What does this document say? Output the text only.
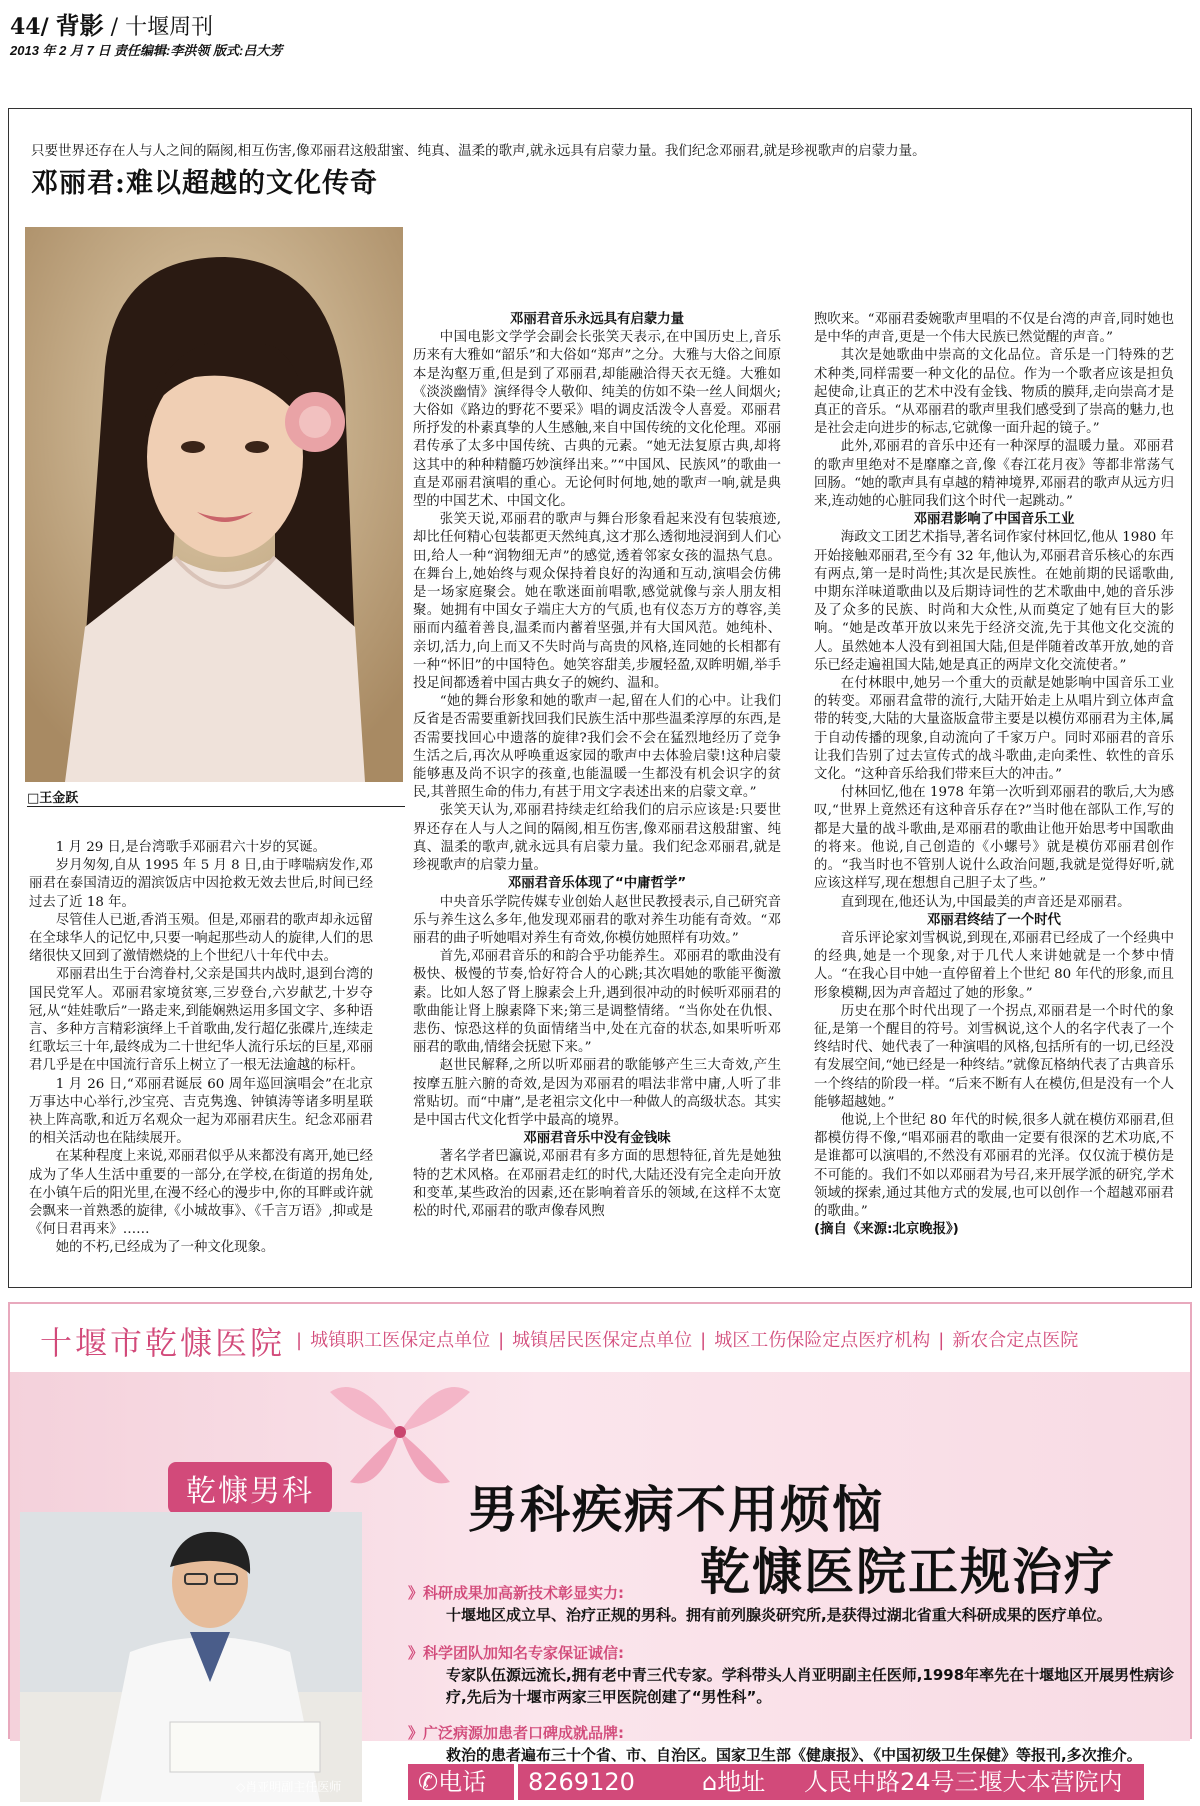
44/ 背影 / 十堰周刊
2013 年 2 月 7 日 责任编辑:李洪领 版式:吕大芳
只要世界还存在人与人之间的隔阂,相互伤害,像邓丽君这般甜蜜、纯真、温柔的歌声,就永远具有启蒙力量。我们纪念邓丽君,就是珍视歌声的启蒙力量。
邓丽君:难以超越的文化传奇
□王金跃

1 月 29 日,是台湾歌手邓丽君六十岁的冥诞。

岁月匆匆,自从 1995 年 5 月 8 日,由于哮喘病发作,邓丽君在泰国清迈的湄滨饭店中因抢救无效去世后,时间已经过去了近 18 年。

尽管佳人已逝,香消玉殒。但是,邓丽君的歌声却永远留在全球华人的记忆中,只要一响起那些动人的旋律,人们的思绪很快又回到了激情燃烧的上个世纪八十年代中去。

邓丽君出生于台湾眷村,父亲是国共内战时,退到台湾的国民党军人。邓丽君家境贫寒,三岁登台,六岁献艺,十岁夺冠,从“娃娃歌后”一路走来,到能娴熟运用多国文字、多种语言、多种方言精彩演绎上千首歌曲,发行超亿张碟片,连续走红歌坛三十年,最终成为二十世纪华人流行乐坛的巨星,邓丽君几乎是在中国流行音乐上树立了一根无法逾越的标杆。

1 月 26 日,“邓丽君诞辰 60 周年巡回演唱会”在北京万事达中心举行,沙宝亮、吉克隽逸、钟镇涛等诸多明星联袂上阵高歌,和近万名观众一起为邓丽君庆生。纪念邓丽君的相关活动也在陆续展开。

在某种程度上来说,邓丽君似乎从来都没有离开,她已经成为了华人生活中重要的一部分,在学校,在街道的拐角处,在小镇午后的阳光里,在漫不经心的漫步中,你的耳畔或许就会飘来一首熟悉的旋律,《小城故事》、《千言万语》,抑或是《何日君再来》……

她的不朽,已经成为了一种文化现象。

邓丽君音乐永远具有启蒙力量

中国电影文学学会副会长张笑天表示,在中国历史上,音乐历来有大雅如“韶乐”和大俗如“郑声”之分。大雅与大俗之间原本是沟壑万重,但是到了邓丽君,却能融洽得天衣无缝。大雅如《淡淡幽情》演绎得令人敬仰、纯美的仿如不染一丝人间烟火;大俗如《路边的野花不要采》唱的调皮活泼令人喜爱。邓丽君所抒发的朴素真挚的人生感触,来自中国传统的文化伦理。邓丽君传承了太多中国传统、古典的元素。“她无法复原古典,却将这其中的种种精髓巧妙演绎出来。”“中国风、民族风”的歌曲一直是邓丽君演唱的重心。无论何时何地,她的歌声一响,就是典型的中国艺术、中国文化。

张笑天说,邓丽君的歌声与舞台形象看起来没有包装痕迹,却比任何精心包装都更天然纯真,这才那么透彻地浸润到人们心田,给人一种“润物细无声”的感觉,透着邻家女孩的温热气息。在舞台上,她始终与观众保持着良好的沟通和互动,演唱会仿佛是一场家庭聚会。她在歌迷面前唱歌,感觉就像与亲人朋友相聚。她拥有中国女子端庄大方的气质,也有仪态万方的尊容,美丽而内蕴着善良,温柔而内蓄着坚强,并有大国风范。她纯朴、亲切,活力,向上而又不失时尚与高贵的风格,连同她的长相都有一种“怀旧”的中国特色。她笑容甜美,步履轻盈,双眸明媚,举手投足间都透着中国古典女子的婉约、温和。

“她的舞台形象和她的歌声一起,留在人们的心中。让我们反省是否需要重新找回我们民族生活中那些温柔淳厚的东西,是否需要找回心中遗落的旋律?我们会不会在猛烈地经历了竞争生活之后,再次从呼唤重返家园的歌声中去体验启蒙!这种启蒙能够惠及尚不识字的孩童,也能温暖一生都没有机会识字的贫民,其普照生命的伟力,有甚于用文字表述出来的启蒙文章。”

张笑天认为,邓丽君持续走红给我们的启示应该是:只要世界还存在人与人之间的隔阂,相互伤害,像邓丽君这般甜蜜、纯真、温柔的歌声,就永远具有启蒙力量。我们纪念邓丽君,就是珍视歌声的启蒙力量。

邓丽君音乐体现了“中庸哲学”

中央音乐学院传媒专业创始人赵世民教授表示,自己研究音乐与养生这么多年,他发现邓丽君的歌对养生功能有奇效。“邓丽君的曲子听她唱对养生有奇效,你模仿她照样有功效。”

首先,邓丽君音乐的和韵合乎功能养生。邓丽君的歌曲没有极快、极慢的节奏,恰好符合人的心跳;其次唱她的歌能平衡激素。比如人怒了肾上腺素会上升,遇到很冲动的时候听邓丽君的歌曲能让肾上腺素降下来;第三是调整情绪。“当你处在仇恨、悲伤、惊恐这样的负面情绪当中,处在亢奋的状态,如果听听邓丽君的歌曲,情绪会抚慰下来。”

赵世民解释,之所以听邓丽君的歌能够产生三大奇效,产生按摩五脏六腑的奇效,是因为邓丽君的唱法非常中庸,人听了非常贴切。而“中庸”,是老祖宗文化中一种做人的高级状态。其实是中国古代文化哲学中最高的境界。

邓丽君音乐中没有金钱味

著名学者巴瀛说,邓丽君有多方面的思想特征,首先是她独特的艺术风格。在邓丽君走红的时代,大陆还没有完全走向开放和变革,某些政治的因素,还在影响着音乐的领域,在这样不太宽松的时代,邓丽君的歌声像春风煦

煦吹来。“邓丽君委婉歌声里唱的不仅是台湾的声音,同时她也是中华的声音,更是一个伟大民族已然觉醒的声音。”

其次是她歌曲中崇高的文化品位。音乐是一门特殊的艺术种类,同样需要一种文化的品位。作为一个歌者应该是担负起使命,让真正的艺术中没有金钱、物质的膜拜,走向崇高才是真正的音乐。“从邓丽君的歌声里我们感受到了崇高的魅力,也是社会走向进步的标志,它就像一面升起的镜子。”

此外,邓丽君的音乐中还有一种深厚的温暖力量。邓丽君的歌声里绝对不是靡靡之音,像《春江花月夜》等都非常荡气回肠。“她的歌声具有卓越的精神境界,邓丽君的歌声从远方归来,连动她的心脏同我们这个时代一起跳动。”

邓丽君影响了中国音乐工业

海政文工团艺术指导,著名词作家付林回忆,他从 1980 年开始接触邓丽君,至今有 32 年,他认为,邓丽君音乐核心的东西有两点,第一是时尚性;其次是民族性。在她前期的民谣歌曲,中期东洋味道歌曲以及后期诗词性的艺术歌曲中,她的音乐涉及了众多的民族、时尚和大众性,从而奠定了她有巨大的影响。“她是改革开放以来先于经济交流,先于其他文化交流的人。虽然她本人没有到祖国大陆,但是伴随着改革开放,她的音乐已经走遍祖国大陆,她是真正的两岸文化交流使者。”

在付林眼中,她另一个重大的贡献是她影响中国音乐工业的转变。邓丽君盒带的流行,大陆开始走上从唱片到立体声盒带的转变,大陆的大量盗版盒带主要是以模仿邓丽君为主体,属于自动传播的现象,自动流向了千家万户。同时邓丽君的音乐让我们告别了过去宣传式的战斗歌曲,走向柔性、软性的音乐文化。“这种音乐给我们带来巨大的冲击。”

付林回忆,他在 1978 年第一次听到邓丽君的歌后,大为感叹,“世界上竟然还有这种音乐存在?”当时他在部队工作,写的都是大量的战斗歌曲,是邓丽君的歌曲让他开始思考中国歌曲的将来。他说,自己创造的《小螺号》就是模仿邓丽君创作的。“我当时也不管别人说什么政治问题,我就是觉得好听,就应该这样写,现在想想自己胆子太了些。”

直到现在,他还认为,中国最美的声音还是邓丽君。

邓丽君终结了一个时代

音乐评论家刘雪枫说,到现在,邓丽君已经成了一个经典中的经典,她是一个现象,对于几代人来讲她就是一个梦中情人。“在我心目中她一直停留着上个世纪 80 年代的形象,而且形象模糊,因为声音超过了她的形象。”

历史在那个时代出现了一个拐点,邓丽君是一个时代的象征,是第一个醒目的符号。刘雪枫说,这个人的名字代表了一个终结时代、她代表了一种演唱的风格,包括所有的一切,已经没有发展空间,“她已经是一种终结。”就像瓦格纳代表了古典音乐一个终结的阶段一样。“后来不断有人在模仿,但是没有一个人能够超越她。”

他说,上个世纪 80 年代的时候,很多人就在模仿邓丽君,但都模仿得不像,“唱邓丽君的歌曲一定要有很深的艺术功底,不是谁都可以演唱的,不然没有邓丽君的光泽。仅仅流于模仿是不可能的。我们不如以邓丽君为号召,来开展学派的研究,学术领域的探索,通过其他方式的发展,也可以创作一个超越邓丽君的歌曲。”

(摘自《来源:北京晚报》)

十堰市乾慷医院 | 城镇职工医保定点单位 | 城镇居民医保定点单位 | 城区工伤保险定点医疗机构 | 新农合定点医院
乾慷男科	男科疾病不用烦恼
乾慷医院正规治疗
◇肖亚明副主任医师
》科研成果加高新技术彰显实力:
十堰地区成立早、治疗正规的男科。拥有前列腺炎研究所,是获得过湖北省重大科研成果的医疗单位。
》科学团队加知名专家保证诚信:
专家队伍源远流长,拥有老中青三代专家。学科带头人肖亚明副主任医师,1998年率先在十堰地区开展男性病诊疗,先后为十堰市两家三甲医院创建了“男性科”。
》广泛病源加患者口碑成就品牌:
救治的患者遍布三十个省、市、自治区。国家卫生部《健康报》、《中国初级卫生保健》等报刊,多次推介。
✆电话	8269120	⌂地址	人民中路24号三堰大本营院内
